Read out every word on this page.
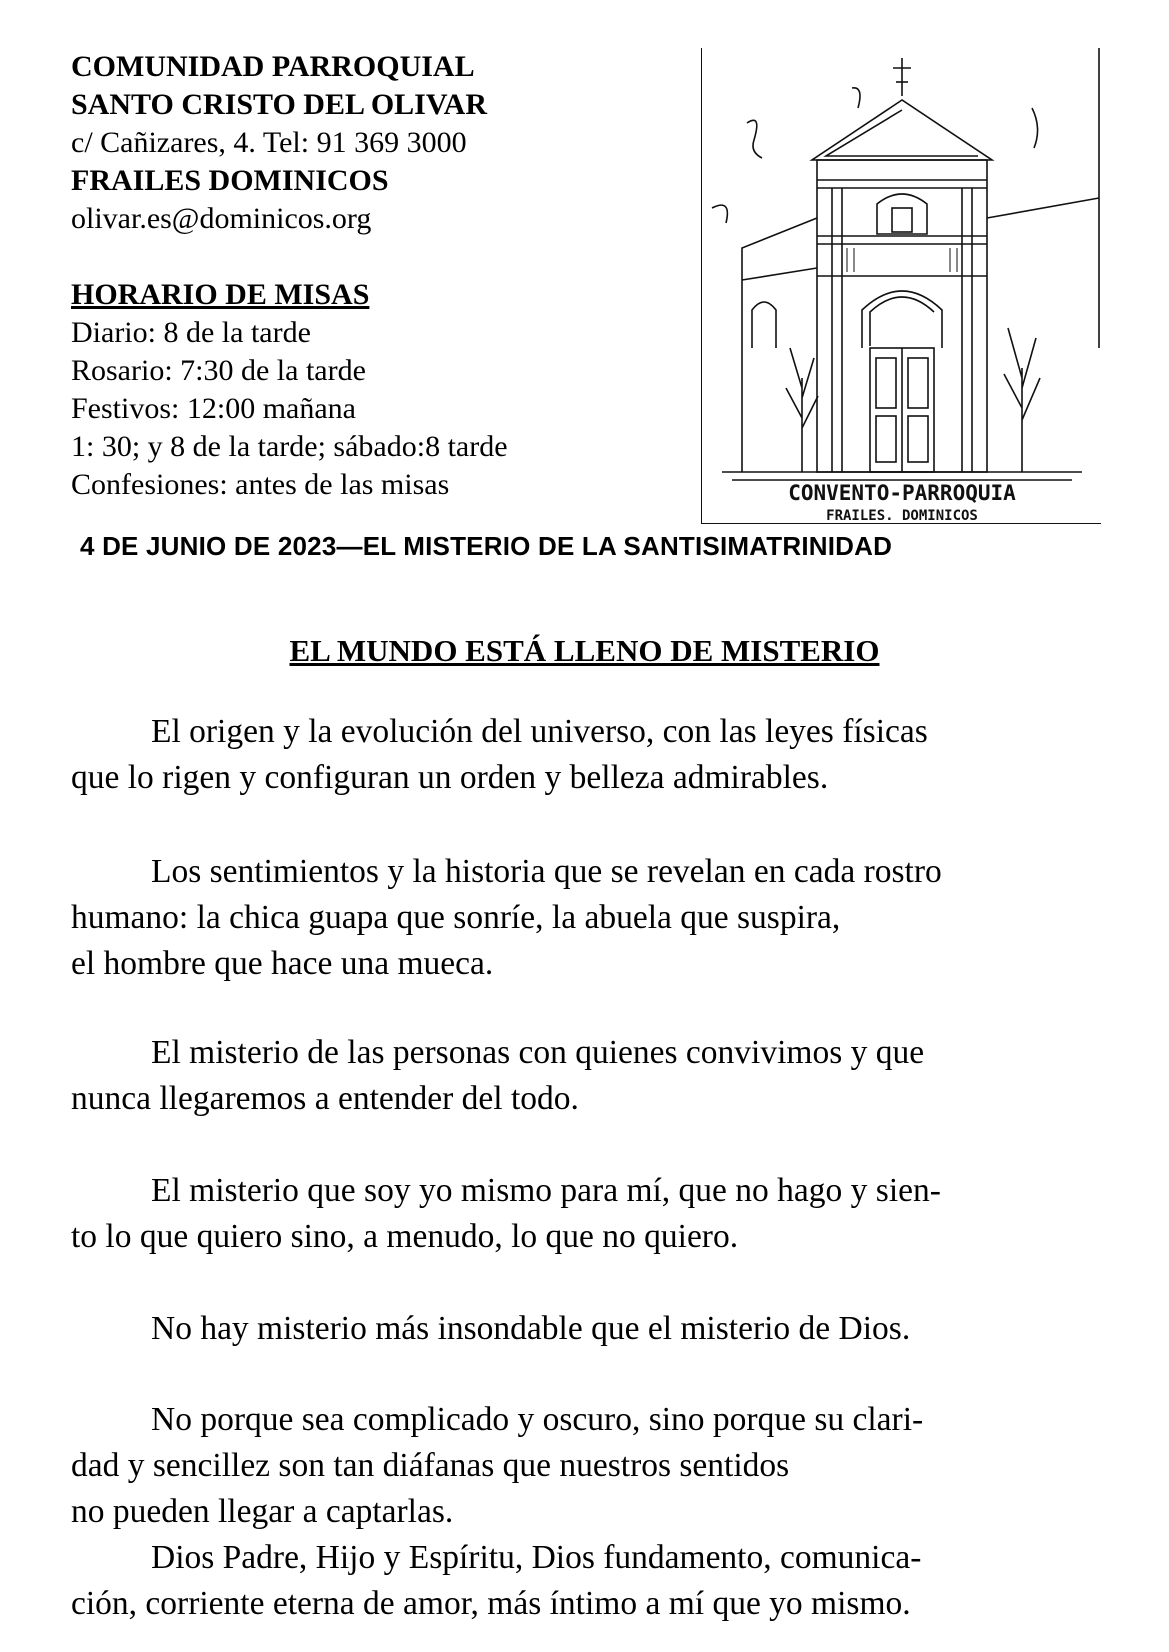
COMUNIDAD PARROQUIAL
SANTO CRISTO DEL OLIVAR
c/ Cañizares, 4. Tel: 91 369 3000
FRAILES DOMINICOS
olivar.es@dominicos.org
HORARIO DE MISAS
Diario: 8 de la tarde
Rosario: 7:30 de la tarde
Festivos: 12:00 mañana
1: 30; y 8 de la tarde; sábado:8 tarde
Confesiones: antes de las misas	CONVENTO-PARROQUIA
FRAILES. DOMINICOS
4 DE JUNIO DE 2023—EL MISTERIO DE LA SANTISIMATRINIDAD
EL MUNDO ESTÁ LLENO DE MISTERIO
El origen y la evolución del universo, con las leyes físicas
que lo rigen y configuran un orden y belleza admirables.
Los sentimientos y la historia que se revelan en cada rostro
humano: la chica guapa que sonríe, la abuela que suspira,
el hombre que hace una mueca.
El misterio de las personas con quienes convivimos y que
nunca llegaremos a entender del todo.
El misterio que soy yo mismo para mí, que no hago y sien-
to lo que quiero sino, a menudo, lo que no quiero.
No hay misterio más insondable que el misterio de Dios.
No porque sea complicado y oscuro, sino porque su clari-
dad y sencillez son tan diáfanas que nuestros sentidos
no pueden llegar a captarlas.
Dios Padre, Hijo y Espíritu, Dios fundamento, comunica-
ción, corriente eterna de amor, más íntimo a mí que yo mismo.
